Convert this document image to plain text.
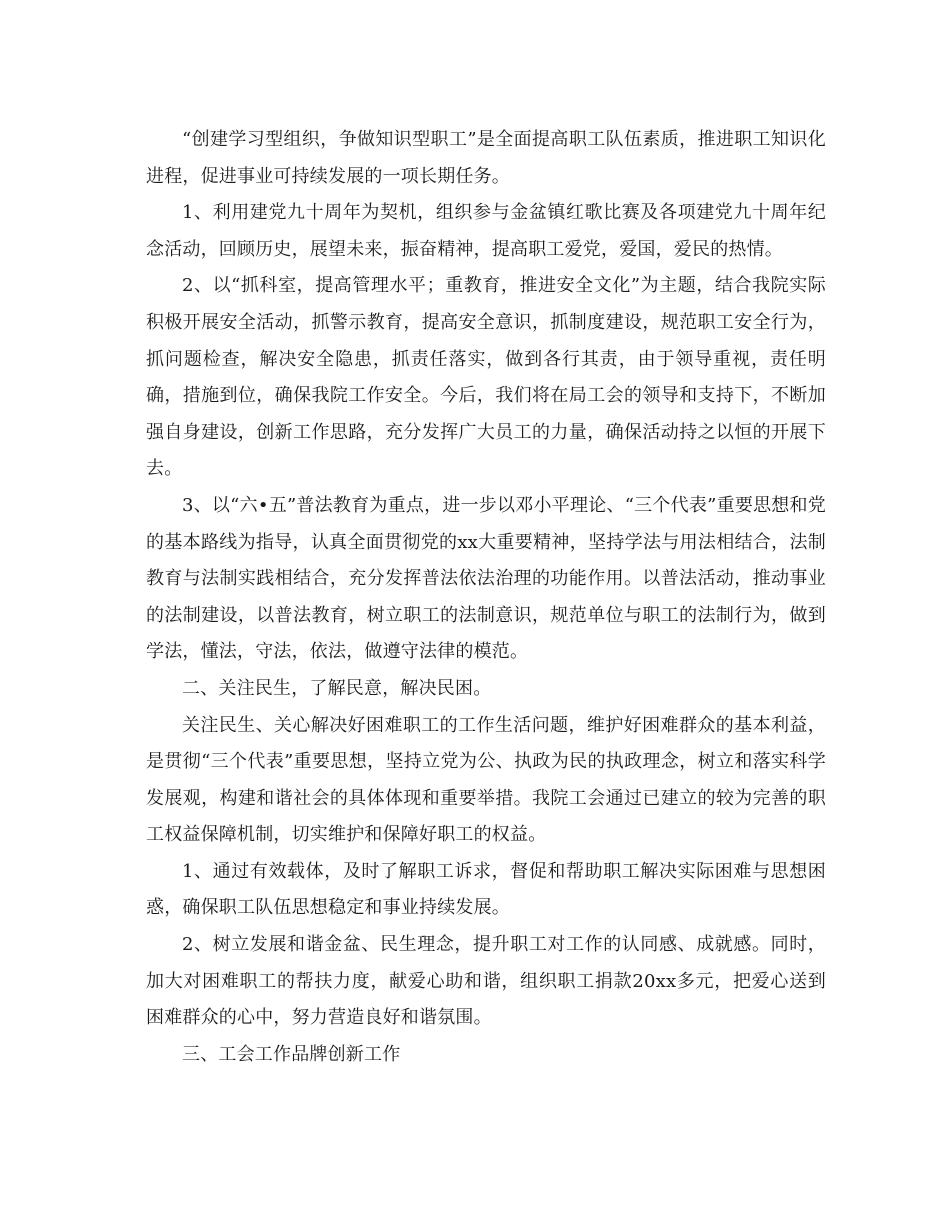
“创建学习型组织，争做知识型职工”是全面提高职工队伍素质，推进职工知识化进程，促进事业可持续发展的一项长期任务。

1、利用建党九十周年为契机，组织参与金盆镇红歌比赛及各项建党九十周年纪念活动，回顾历史，展望未来，振奋精神，提高职工爱党，爱国，爱民的热情。

2、以“抓科室，提高管理水平；重教育，推进安全文化”为主题，结合我院实际积极开展安全活动，抓警示教育，提高安全意识，抓制度建设，规范职工安全行为，抓问题检查，解决安全隐患，抓责任落实，做到各行其责，由于领导重视，责任明确，措施到位，确保我院工作安全。今后，我们将在局工会的领导和支持下，不断加强自身建设，创新工作思路，充分发挥广大员工的力量，确保活动持之以恒的开展下去。

3、以“六•五”普法教育为重点，进一步以邓小平理论、“三个代表”重要思想和党的基本路线为指导，认真全面贯彻党的xx大重要精神，坚持学法与用法相结合，法制教育与法制实践相结合，充分发挥普法依法治理的功能作用。以普法活动，推动事业的法制建设，以普法教育，树立职工的法制意识，规范单位与职工的法制行为，做到学法，懂法，守法，依法，做遵守法律的模范。

二、关注民生，了解民意，解决民困。

关注民生、关心解决好困难职工的工作生活问题，维护好困难群众的基本利益，是贯彻“三个代表”重要思想，坚持立党为公、执政为民的执政理念，树立和落实科学发展观，构建和谐社会的具体体现和重要举措。我院工会通过已建立的较为完善的职工权益保障机制，切实维护和保障好职工的权益。

1、通过有效载体，及时了解职工诉求，督促和帮助职工解决实际困难与思想困惑，确保职工队伍思想稳定和事业持续发展。

2、树立发展和谐金盆、民生理念，提升职工对工作的认同感、成就感。同时，加大对困难职工的帮扶力度，献爱心助和谐，组织职工捐款20xx多元，把爱心送到困难群众的心中，努力营造良好和谐氛围。

三、工会工作品牌创新工作
